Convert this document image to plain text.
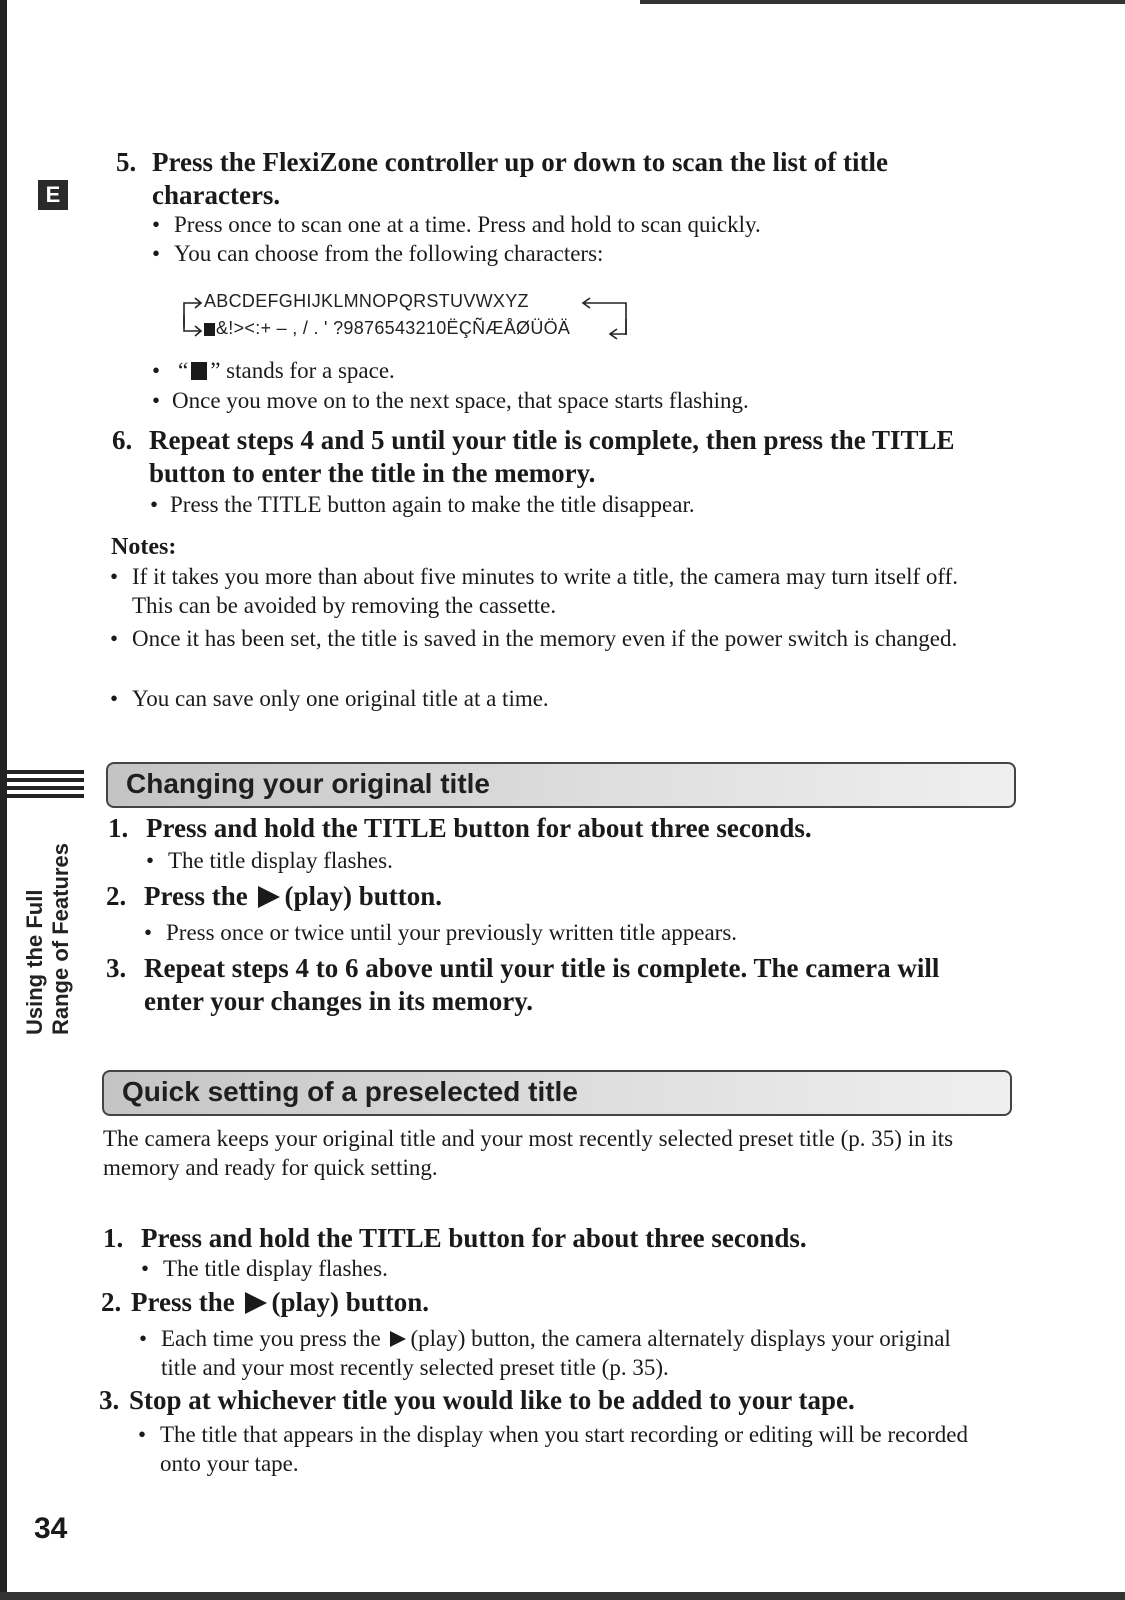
E
Using the Full Range of Features
5. Press the FlexiZone controller up or down to scan the list of title characters.
• Press once to scan one at a time. Press and hold to scan quickly.
• You can choose from the following characters:
ABCDEFGHIJKLMNOPQRSTUVWXYZ
&!><:+ – , / . ' ?9876543210ËÇÑÆÅØÜÖÄ
• “ ” stands for a space.
• Once you move on to the next space, that space starts flashing.
6. Repeat steps 4 and 5 until your title is complete, then press the TITLE button to enter the title in the memory.
• Press the TITLE button again to make the title disappear.
Notes:
• If it takes you more than about five minutes to write a title, the camera may turn itself off. This can be avoided by removing the cassette.
• Once it has been set, the title is saved in the memory even if the power switch is changed.
• You can save only one original title at a time.
Changing your original title
1. Press and hold the TITLE button for about three seconds.
• The title display flashes.
2. Press the (play) button.
• Press once or twice until your previously written title appears.
3. Repeat steps 4 to 6 above until your title is complete. The camera will enter your changes in its memory.
Quick setting of a preselected title
The camera keeps your original title and your most recently selected preset title (p. 35) in its memory and ready for quick setting.
1. Press and hold the TITLE button for about three seconds.
• The title display flashes.
2. Press the (play) button.
• Each time you press the (play) button, the camera alternately displays your original title and your most recently selected preset title (p. 35).
3. Stop at whichever title you would like to be added to your tape.
• The title that appears in the display when you start recording or editing will be recorded onto your tape.
34
